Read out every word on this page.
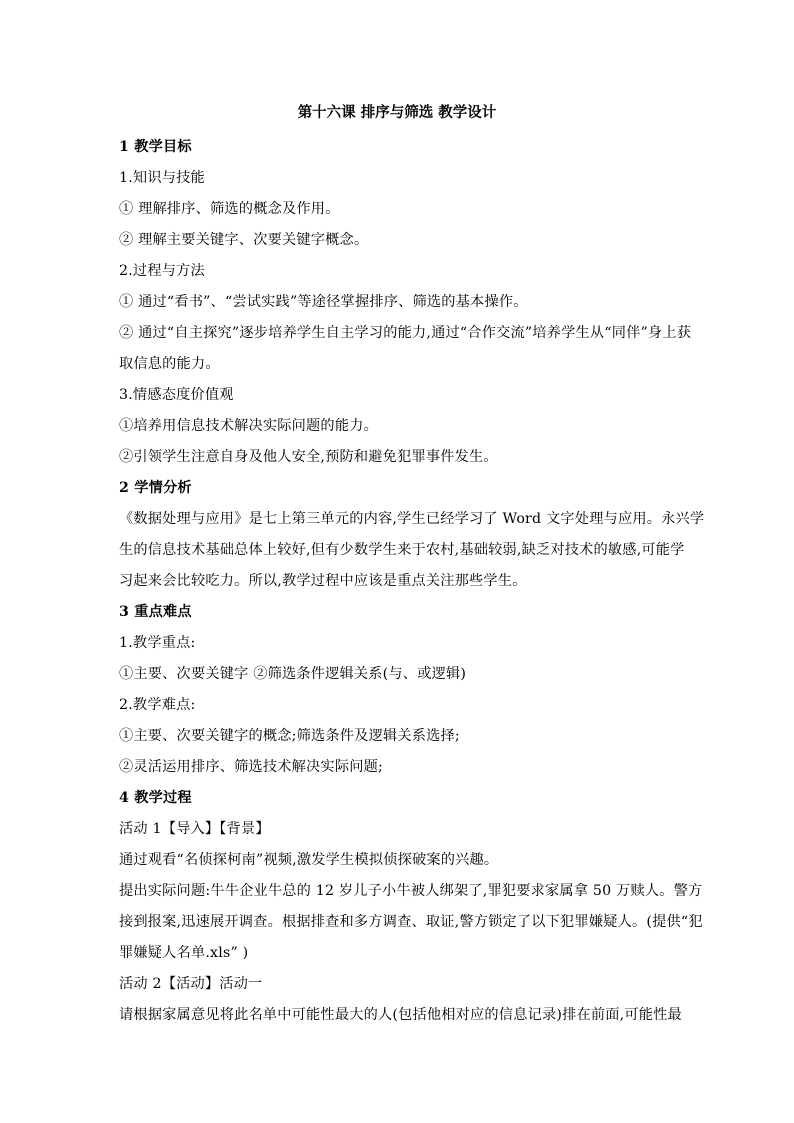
第十六课 排序与筛选 教学设计
1 教学目标
1.知识与技能
① 理解排序、筛选的概念及作用。
② 理解主要关键字、次要关键字概念。
2.过程与方法
① 通过“看书”、“尝试实践”等途径掌握排序、筛选的基本操作。
② 通过“自主探究”逐步培养学生自主学习的能力,通过“合作交流”培养学生从“同伴”身上获
取信息的能力。
3.情感态度价值观
①培养用信息技术解决实际问题的能力。
②引领学生注意自身及他人安全,预防和避免犯罪事件发生。
2 学情分析
《数据处理与应用》是七上第三单元的内容,学生已经学习了 Word 文字处理与应用。永兴学
生的信息技术基础总体上较好,但有少数学生来于农村,基础较弱,缺乏对技术的敏感,可能学
习起来会比较吃力。所以,教学过程中应该是重点关注那些学生。
3 重点难点
1.教学重点:
①主要、次要关键字 ②筛选条件逻辑关系(与、或逻辑)
2.教学难点:
①主要、次要关键字的概念;筛选条件及逻辑关系选择;
②灵活运用排序、筛选技术解决实际问题;
4 教学过程
活动 1【导入】【背景】
通过观看“名侦探柯南”视频,激发学生模拟侦探破案的兴趣。
提出实际问题:牛牛企业牛总的 12 岁儿子小牛被人绑架了,罪犯要求家属拿 50 万赎人。警方
接到报案,迅速展开调查。根据排查和多方调查、取证,警方锁定了以下犯罪嫌疑人。(提供“犯
罪嫌疑人名单.xls” )
活动 2【活动】活动一
请根据家属意见将此名单中可能性最大的人(包括他相对应的信息记录)排在前面,可能性最
